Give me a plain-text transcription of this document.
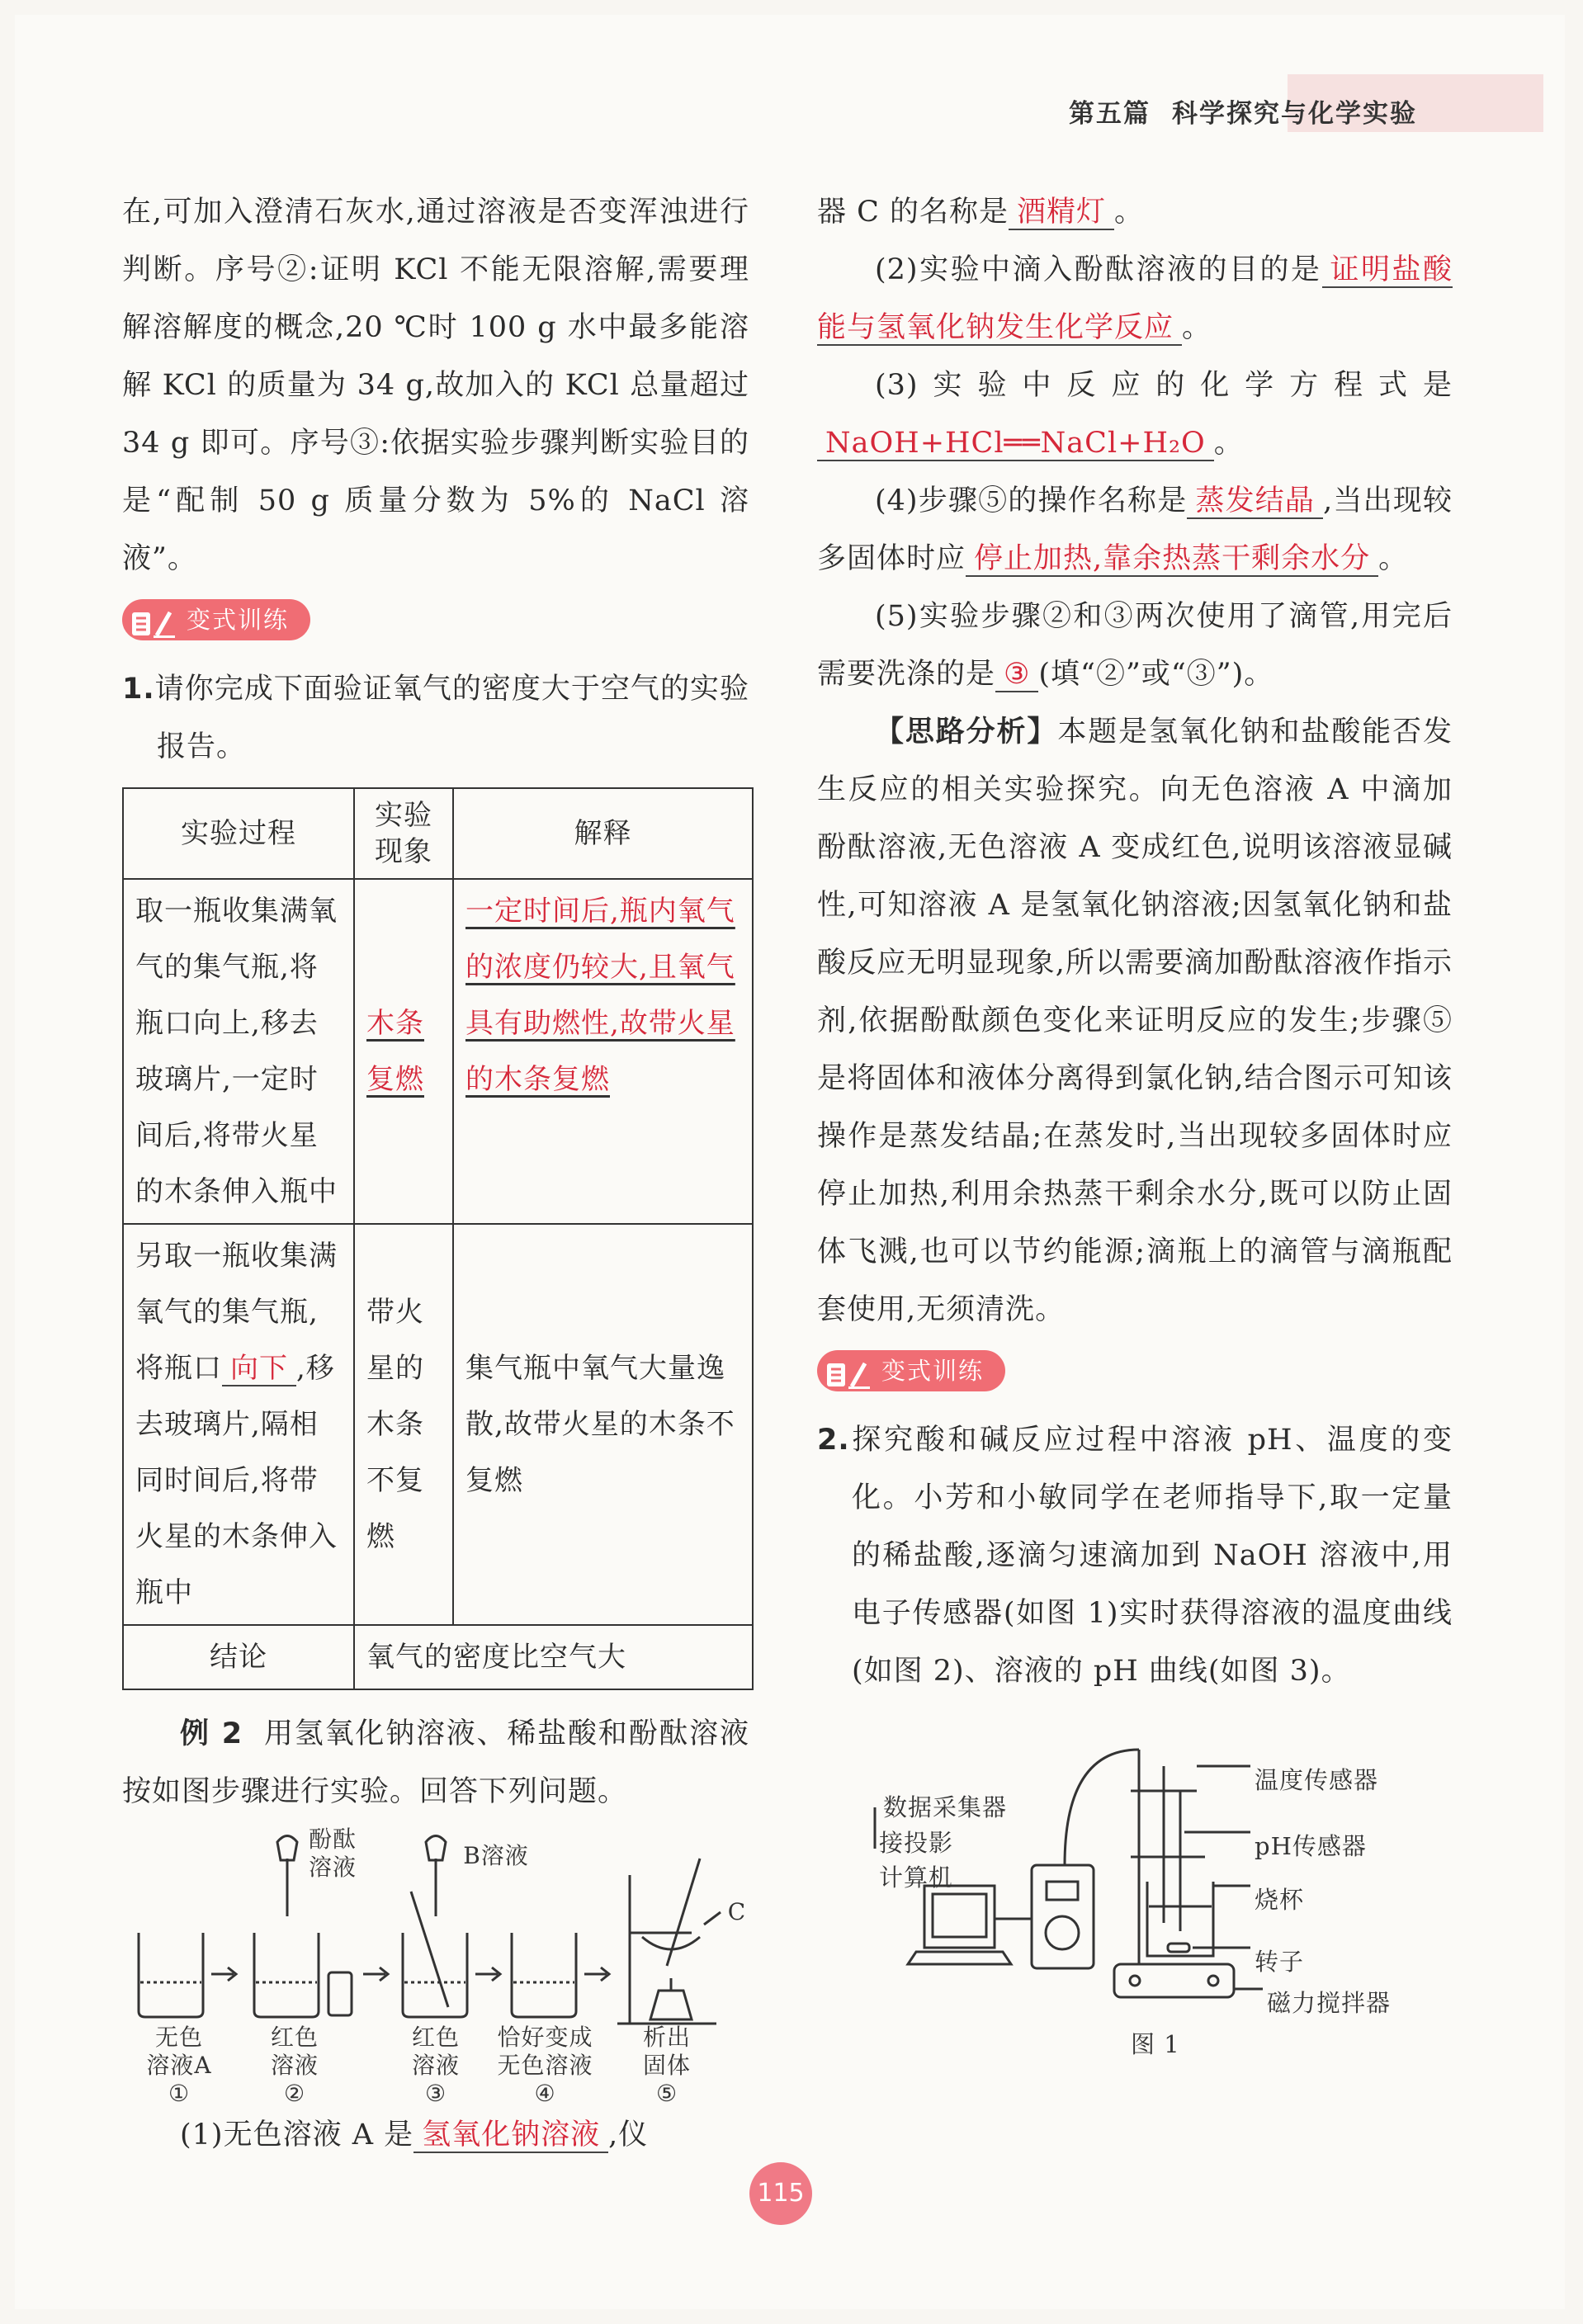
第五篇 科学探究与化学实验

在,可加入澄清石灰水,通过溶液是否变浑浊进行判断。序号②:证明 KCl 不能无限溶解,需要理解溶解度的概念,20 ℃时 100 g 水中最多能溶解 KCl 的质量为 34 g,故加入的 KCl 总量超过 34 g 即可。序号③:依据实验步骤判断实验目的是“配制 50 g 质量分数为 5%的 NaCl 溶液”。

变式训练

1.请你完成下面验证氧气的密度大于空气的实验报告。

实验过程	实验现象	解释
取一瓶收集满氧气的集气瓶,将瓶口向上,移去玻璃片,一定时间后,将带火星的木条伸入瓶中	木条复燃	一定时间后,瓶内氧气的浓度仍较大,且氧气具有助燃性,故带火星的木条复燃
另取一瓶收集满氧气的集气瓶,将瓶口 向下 ,移去玻璃片,隔相同时间后,将带火星的木条伸入瓶中	带火星的木条不复燃	集气瓶中氧气大量逸散,故带火星的木条不复燃
结论	氧气的密度比空气大	

例 2 用氢氧化钠溶液、稀盐酸和酚酞溶液按如图步骤进行实验。回答下列问题。

酚酞溶液	B溶液
C
无色
溶液A
①
红色
溶液
②
红色
溶液
③
恰好变成
无色溶液
④
析出
固体
⑤

(1)无色溶液 A 是 氢氧化钠溶液 ,仪

器 C 的名称是 酒精灯 。

(2)实验中滴入酚酞溶液的目的是 证明盐酸能与氢氧化钠发生化学反应 。

(3)实验中反应的化学方程式是NaOH+HCl══NaCl+H₂O 。

(4)步骤⑤的操作名称是 蒸发结晶 ,当出现较多固体时应 停止加热,靠余热蒸干剩余水分 。

(5)实验步骤②和③两次使用了滴管,用完后需要洗涤的是 ③ (填“②”或“③”)。

【思路分析】本题是氢氧化钠和盐酸能否发生反应的相关实验探究。向无色溶液 A 中滴加酚酞溶液,无色溶液 A 变成红色,说明该溶液显碱性,可知溶液 A 是氢氧化钠溶液;因氢氧化钠和盐酸反应无明显现象,所以需要滴加酚酞溶液作指示剂,依据酚酞颜色变化来证明反应的发生;步骤⑤是将固体和液体分离得到氯化钠,结合图示可知该操作是蒸发结晶;在蒸发时,当出现较多固体时应停止加热,利用余热蒸干剩余水分,既可以防止固体飞溅,也可以节约能源;滴瓶上的滴管与滴瓶配套使用,无须清洗。

变式训练

2.探究酸和碱反应过程中溶液 pH、温度的变化。小芳和小敏同学在老师指导下,取一定量的稀盐酸,逐滴匀速滴加到 NaOH 溶液中,用电子传感器(如图 1)实时获得溶液的温度曲线(如图 2)、溶液的 pH 曲线(如图 3)。

数据采集器
接投影
计算机
温度传感器
pH传感器
烧杯
转子
磁力搅拌器
图 1
115
